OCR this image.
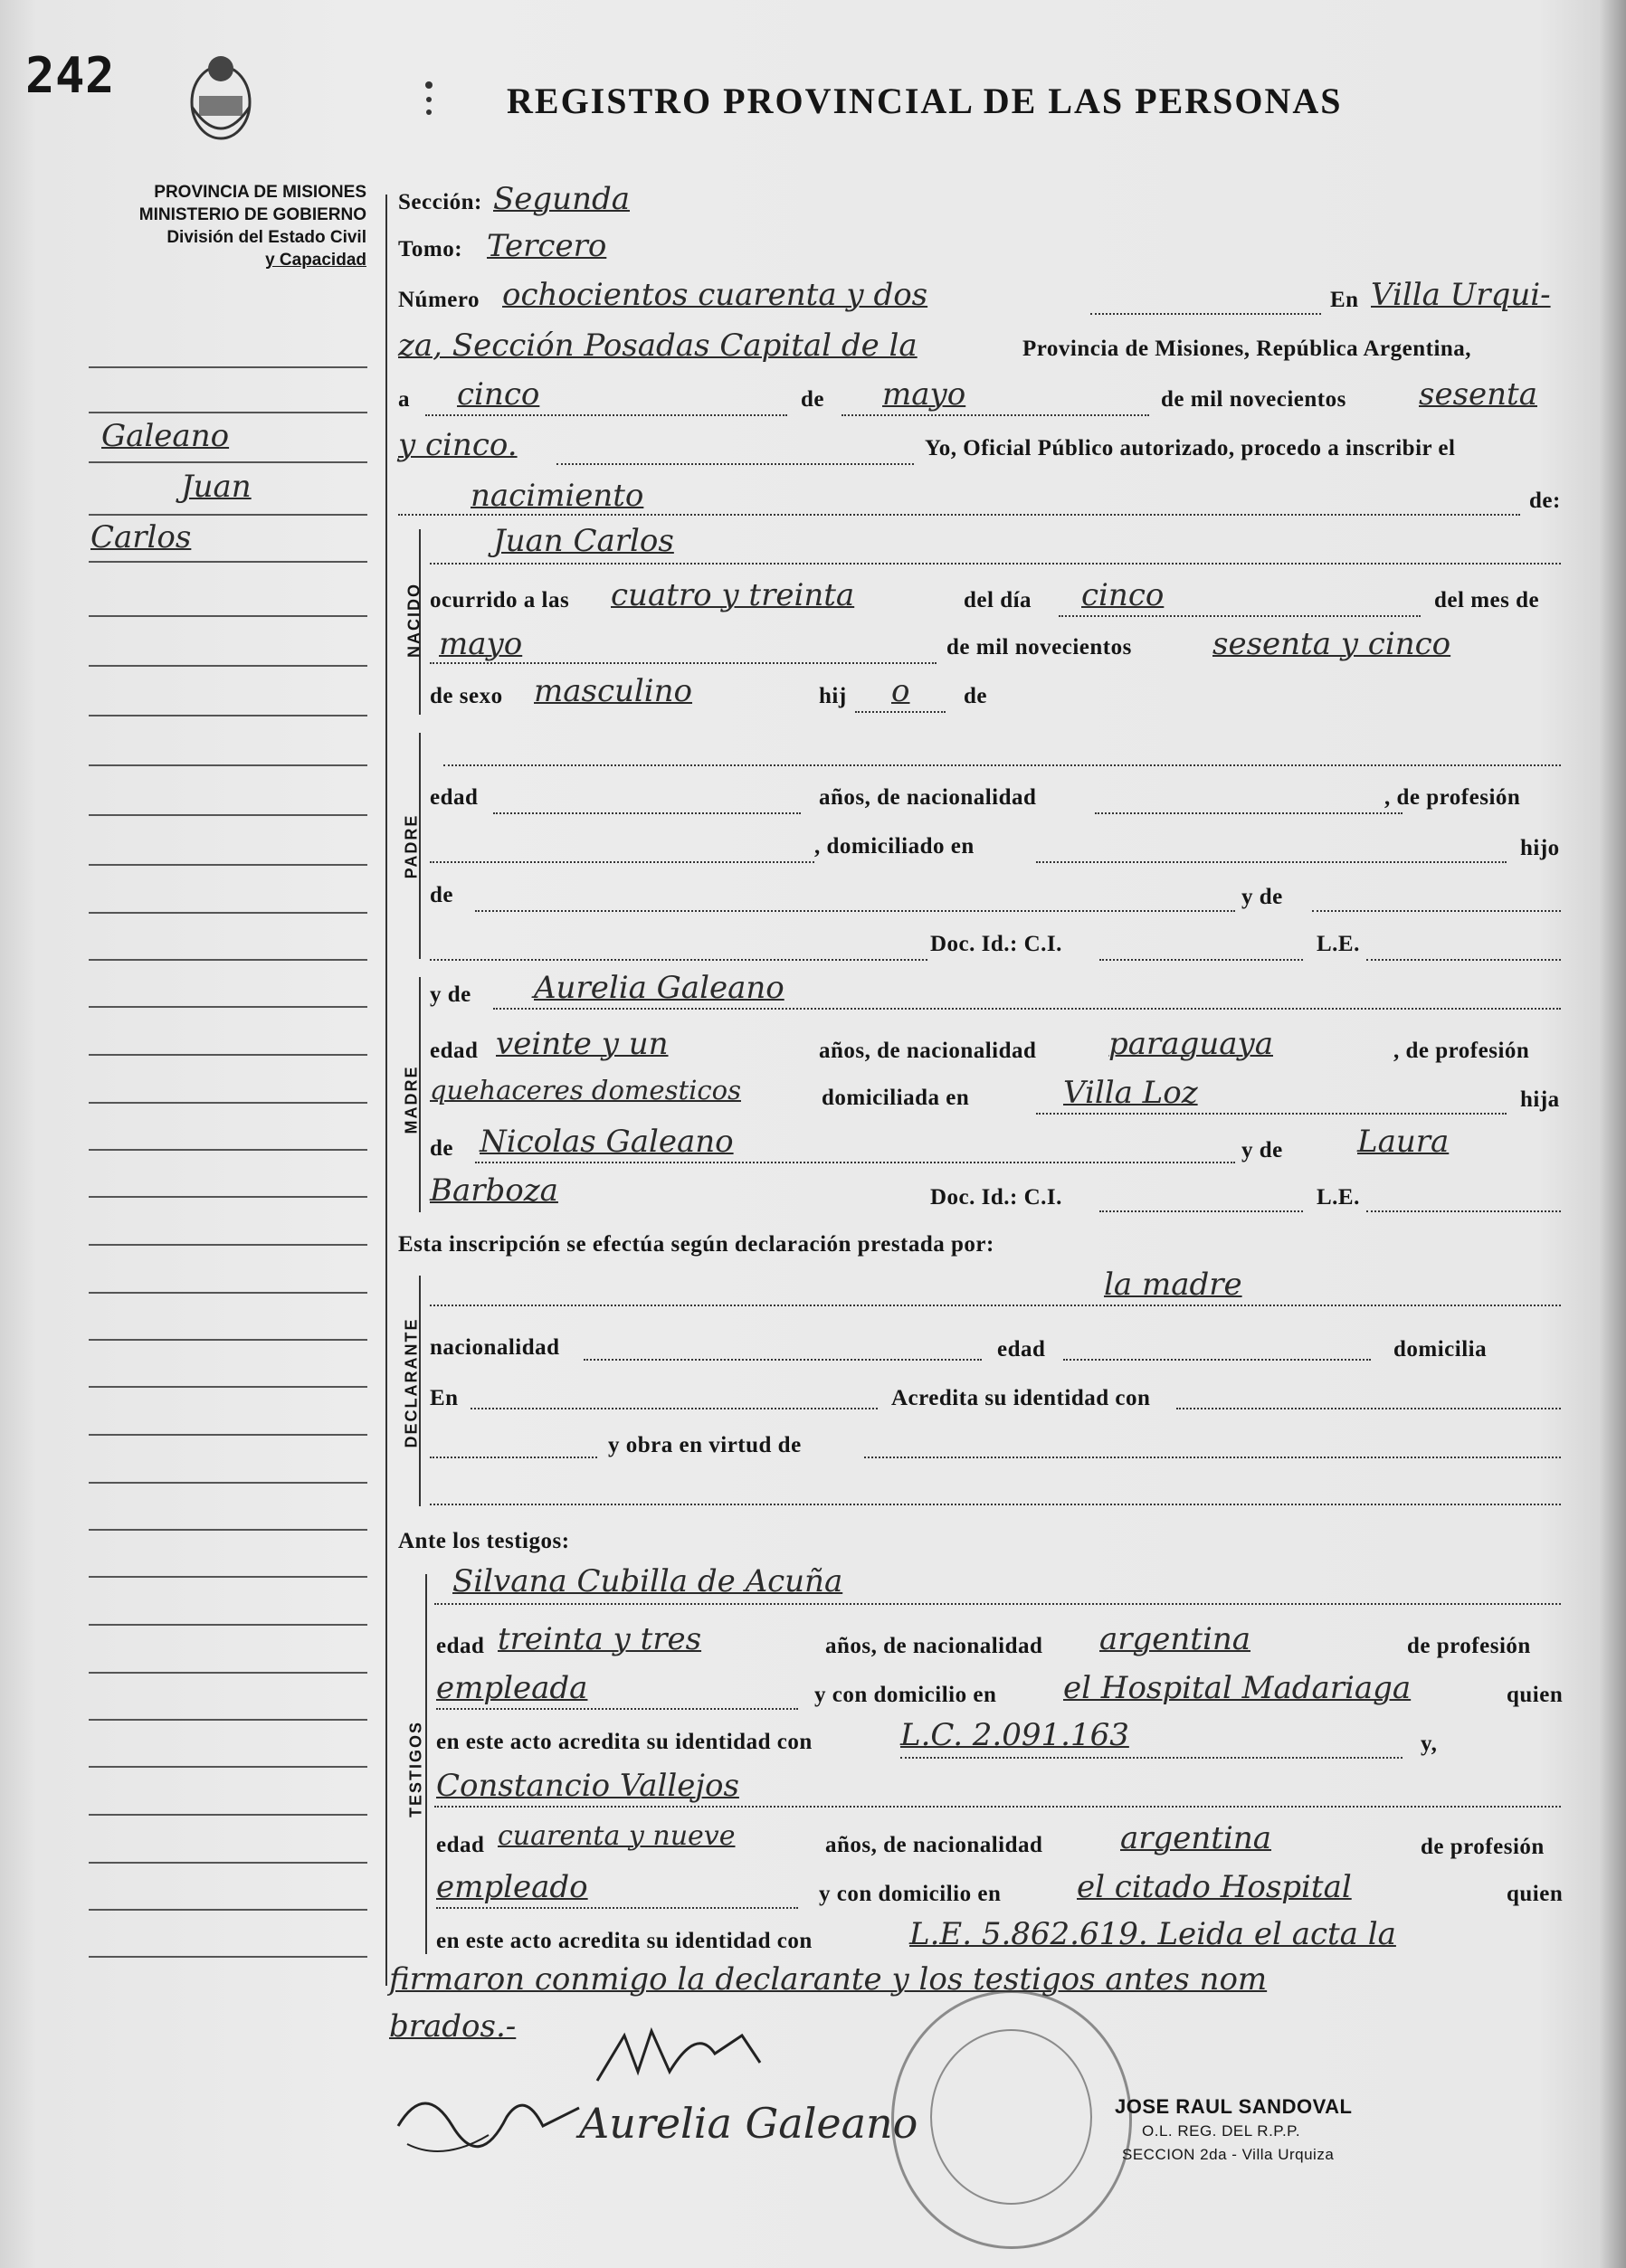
242	REGISTRO PROVINCIAL DE LAS PERSONAS
PROVINCIA DE MISIONES
MINISTERIO DE GOBIERNO
División del Estado Civil
y Capacidad
Galeano
Juan
Carlos
Sección: Segunda
Tomo: Tercero
Número ochocientos cuarenta y dos	En Villa Urqui-
za, Sección Posadas Capital de la	Provincia de Misiones, República Argentina,
a cinco	de mayo	de mil novecientos sesenta
y cinco.	Yo, Oficial Público autorizado, procedo a inscribir el
nacimiento	de:
NACIDO
Juan Carlos
ocurrido a las cuatro y treinta	del día cinco	del mes de
mayo	de mil novecientos	sesenta y cinco
de sexo masculino	hij o de
PADRE
edad	años, de nacionalidad	, de profesión
, domiciliado en	hijo
de	y de
Doc. Id.: C.I.	L.E.
MADRE
y de Aurelia Galeano
edad veinte y un	años, de nacionalidad paraguaya	, de profesión
quehaceres domesticos	domiciliada en	Villa Loz	hija
de Nicolas Galeano	y de Laura
Barboza	Doc. Id.: C.I.	L.E.
Esta inscripción se efectúa según declaración prestada por:
DECLARANTE
la madre
nacionalidad	edad	domicilia
En	Acredita su identidad con
y obra en virtud de
Ante los testigos:
TESTIGOS
Silvana Cubilla de Acuña
edad treinta y tres	años, de nacionalidad argentina	de profesión
empleada	y con domicilio en el Hospital Madariaga	quien
en este acto acredita su identidad con	L.C. 2.091.163	y,
Constancio Vallejos
edad cuarenta y nueve	años, de nacionalidad	argentina	de profesión
empleado	y con domicilio en el citado Hospital	quien
en este acto acredita su identidad con	L.E. 5.862.619. Leida el acta la
firmaron conmigo la declarante y los testigos antes nom
brados.-
Aurelia Galeano	JOSE RAUL SANDOVAL
O.L. REG. DEL R.P.P.
SECCION 2da - Villa Urquiza
